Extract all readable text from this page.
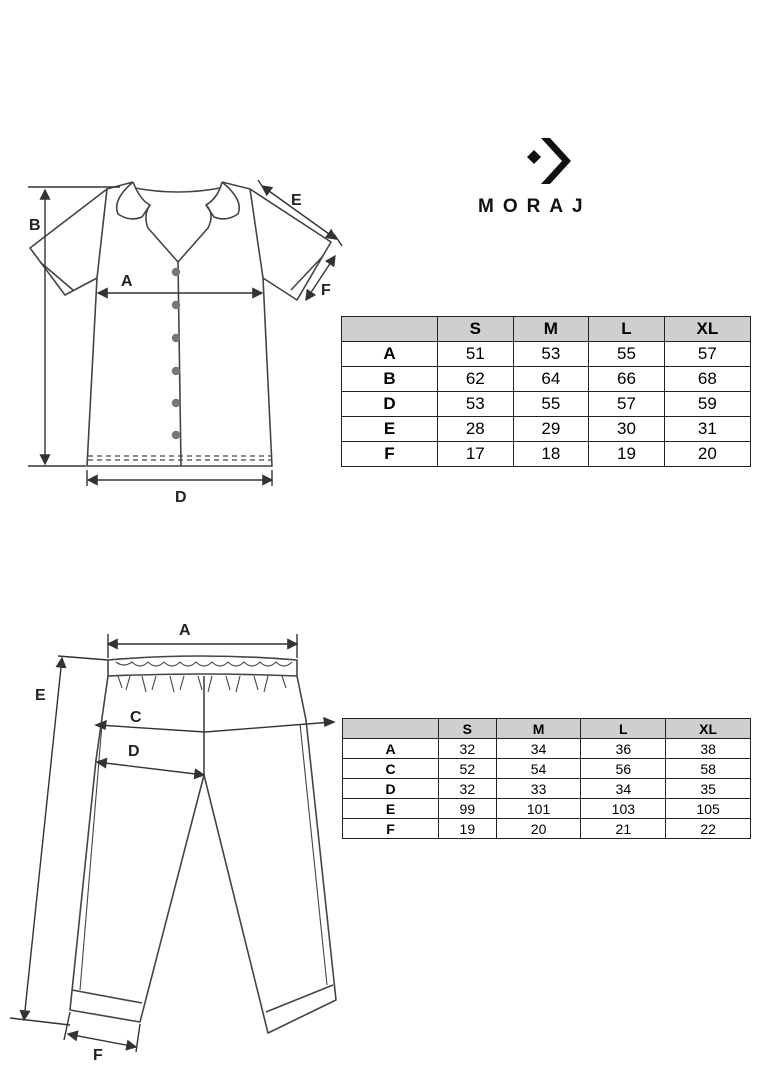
B
A
D
E
F
MORAJ
	S	M	L	XL
A	51	53	55	57
B	62	64	66	68
D	53	55	57	59
E	28	29	30	31
F	17	18	19	20
A
C
D
E
F
	S	M	L	XL
A	32	34	36	38
C	52	54	56	58
D	32	33	34	35
E	99	101	103	105
F	19	20	21	22
